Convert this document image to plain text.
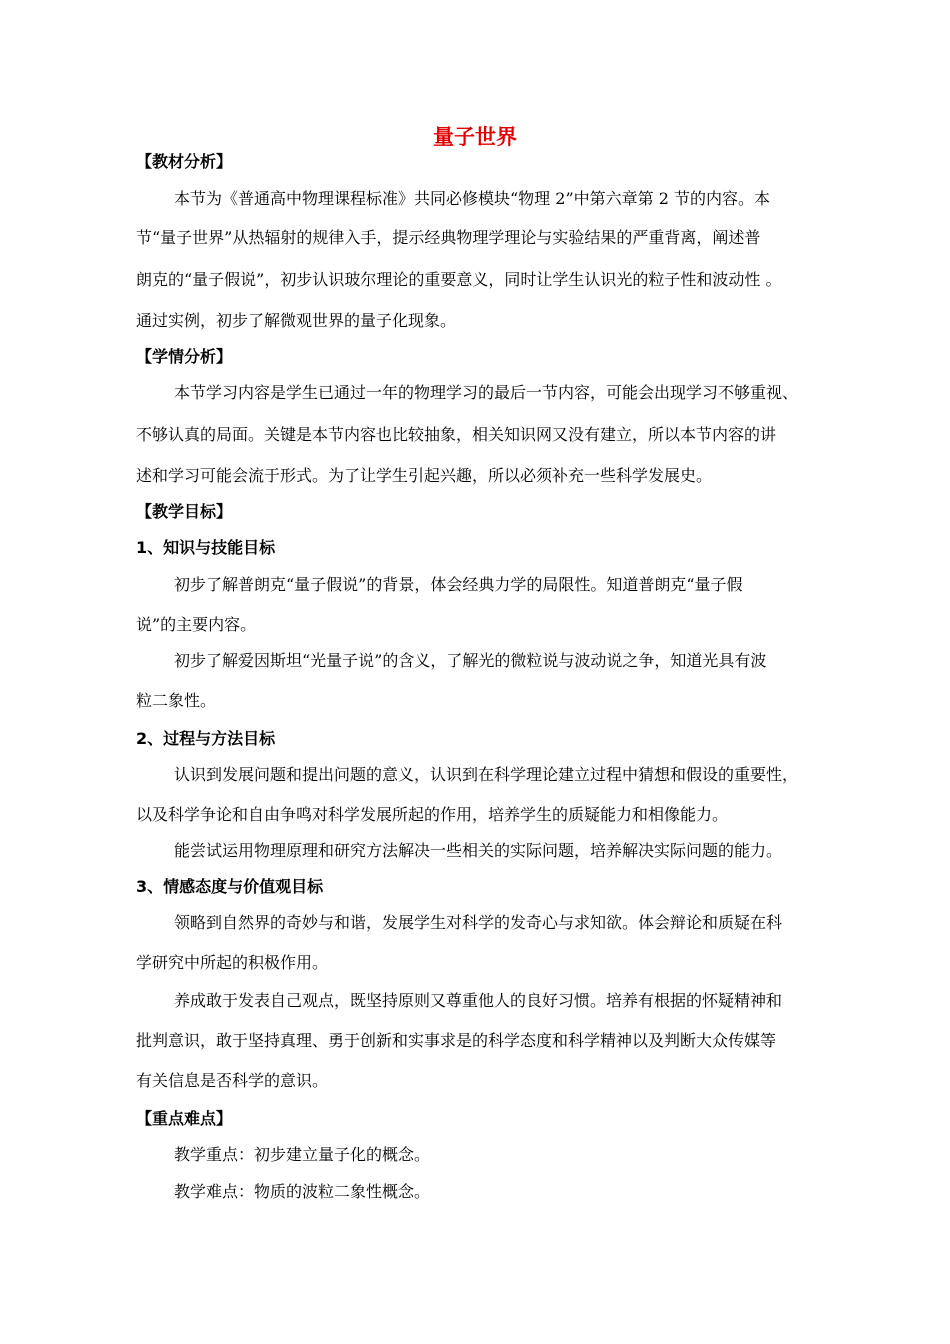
量子世界
【教材分析】
本节为《普通高中物理课程标准》共同必修模块“物理 2”中第六章第 2 节的内容。本
节“量子世界”从热辐射的规律入手，提示经典物理学理论与实验结果的严重背离，阐述普
朗克的“量子假说”，初步认识玻尔理论的重要意义，同时让学生认识光的粒子性和波动性 。
通过实例，初步了解微观世界的量子化现象。
【学情分析】
本节学习内容是学生已通过一年的物理学习的最后一节内容，可能会出现学习不够重视、
不够认真的局面。关键是本节内容也比较抽象，相关知识网又没有建立，所以本节内容的讲
述和学习可能会流于形式。为了让学生引起兴趣，所以必须补充一些科学发展史。
【教学目标】
1、知识与技能目标
初步了解普朗克“量子假说”的背景，体会经典力学的局限性。知道普朗克“量子假
说”的主要内容。
初步了解爱因斯坦“光量子说”的含义，了解光的微粒说与波动说之争，知道光具有波
粒二象性。
2、过程与方法目标
认识到发展问题和提出问题的意义，认识到在科学理论建立过程中猜想和假设的重要性，
以及科学争论和自由争鸣对科学发展所起的作用，培养学生的质疑能力和相像能力。
能尝试运用物理原理和研究方法解决一些相关的实际问题，培养解决实际问题的能力。
3、情感态度与价值观目标
领略到自然界的奇妙与和谐，发展学生对科学的发奇心与求知欲。体会辩论和质疑在科
学研究中所起的积极作用。
养成敢于发表自己观点，既坚持原则又尊重他人的良好习惯。培养有根据的怀疑精神和
批判意识，敢于坚持真理、勇于创新和实事求是的科学态度和科学精神以及判断大众传媒等
有关信息是否科学的意识。
【重点难点】
教学重点：初步建立量子化的概念。
教学难点：物质的波粒二象性概念。
